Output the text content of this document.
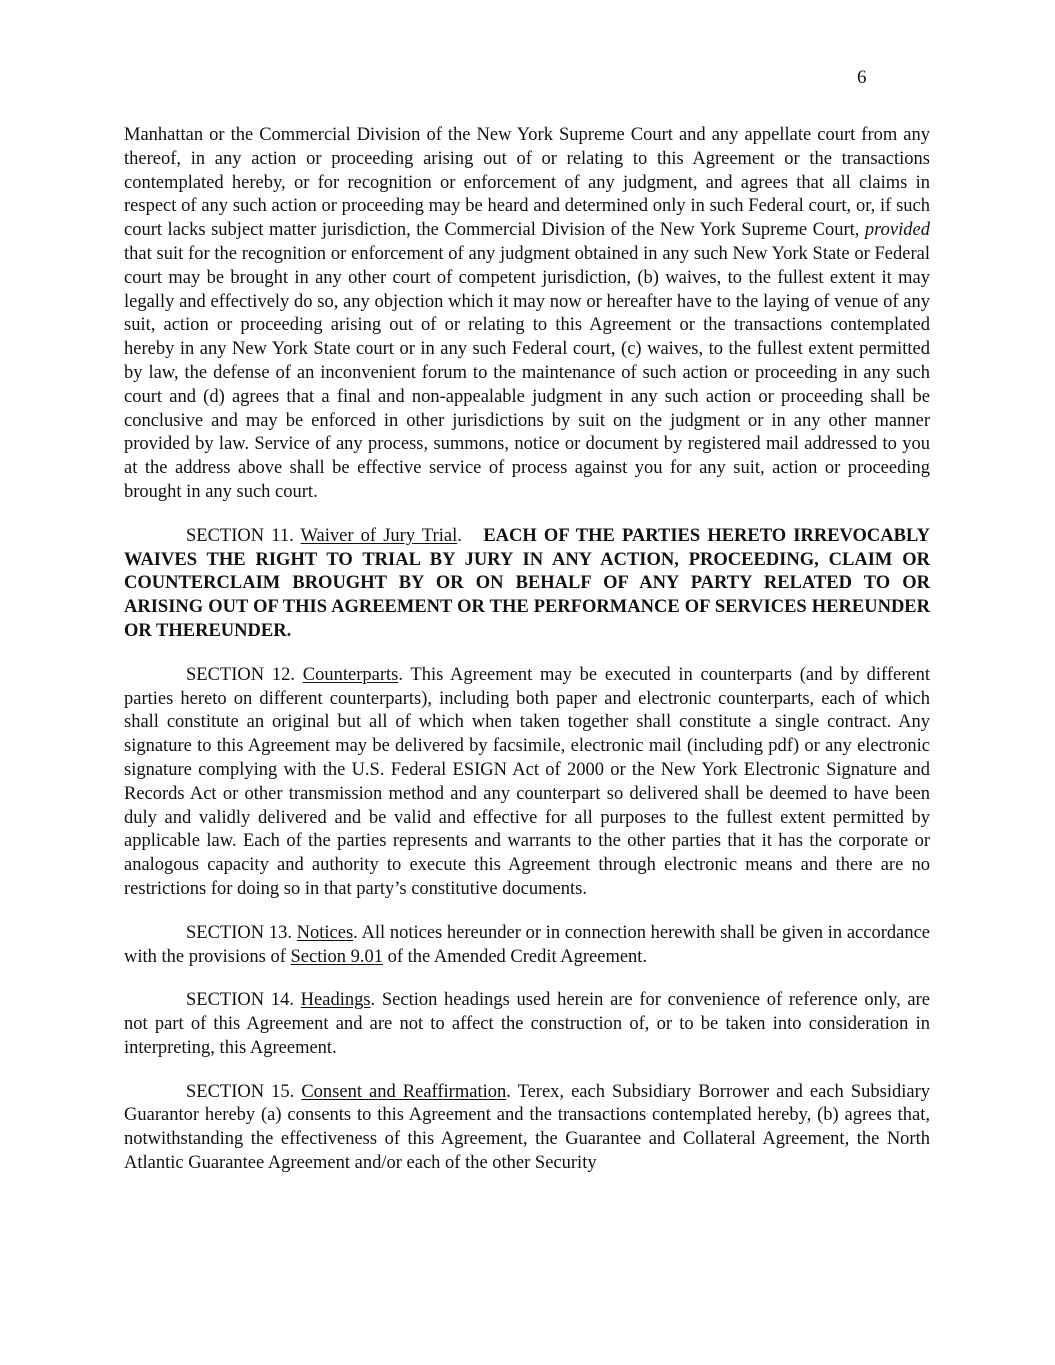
6

Manhattan or the Commercial Division of the New York Supreme Court and any appellate court from any thereof, in any action or proceeding arising out of or relating to this Agreement or the transactions contemplated hereby, or for recognition or enforcement of any judgment, and agrees that all claims in respect of any such action or proceeding may be heard and determined only in such Federal court, or, if such court lacks subject matter jurisdiction, the Commercial Division of the New York Supreme Court, provided that suit for the recognition or enforcement of any judgment obtained in any such New York State or Federal court may be brought in any other court of competent jurisdiction, (b) waives, to the fullest extent it may legally and effectively do so, any objection which it may now or hereafter have to the laying of venue of any suit, action or proceeding arising out of or relating to this Agreement or the transactions contemplated hereby in any New York State court or in any such Federal court, (c) waives, to the fullest extent permitted by law, the defense of an inconvenient forum to the maintenance of such action or proceeding in any such court and (d) agrees that a final and non-appealable judgment in any such action or proceeding shall be conclusive and may be enforced in other jurisdictions by suit on the judgment or in any other manner provided by law. Service of any process, summons, notice or document by registered mail addressed to you at the address above shall be effective service of process against you for any suit, action or proceeding brought in any such court.

SECTION 11. Waiver of Jury Trial.   EACH OF THE PARTIES HERETO IRREVOCABLY WAIVES THE RIGHT TO TRIAL BY JURY IN ANY ACTION, PROCEEDING, CLAIM OR COUNTERCLAIM BROUGHT BY OR ON BEHALF OF ANY PARTY RELATED TO OR ARISING OUT OF THIS AGREEMENT OR THE PERFORMANCE OF SERVICES HEREUNDER OR THEREUNDER.

SECTION 12. Counterparts. This Agreement may be executed in counterparts (and by different parties hereto on different counterparts), including both paper and electronic counterparts, each of which shall constitute an original but all of which when taken together shall constitute a single contract. Any signature to this Agreement may be delivered by facsimile, electronic mail (including pdf) or any electronic signature complying with the U.S. Federal ESIGN Act of 2000 or the New York Electronic Signature and Records Act or other transmission method and any counterpart so delivered shall be deemed to have been duly and validly delivered and be valid and effective for all purposes to the fullest extent permitted by applicable law. Each of the parties represents and warrants to the other parties that it has the corporate or analogous capacity and authority to execute this Agreement through electronic means and there are no restrictions for doing so in that party’s constitutive documents.

SECTION 13. Notices. All notices hereunder or in connection herewith shall be given in accordance with the provisions of Section 9.01 of the Amended Credit Agreement.

SECTION 14. Headings. Section headings used herein are for convenience of reference only, are not part of this Agreement and are not to affect the construction of, or to be taken into consideration in interpreting, this Agreement.

SECTION 15. Consent and Reaffirmation. Terex, each Subsidiary Borrower and each Subsidiary Guarantor hereby (a) consents to this Agreement and the transactions contemplated hereby, (b) agrees that, notwithstanding the effectiveness of this Agreement, the Guarantee and Collateral Agreement, the North Atlantic Guarantee Agreement and/or each of the other Security
